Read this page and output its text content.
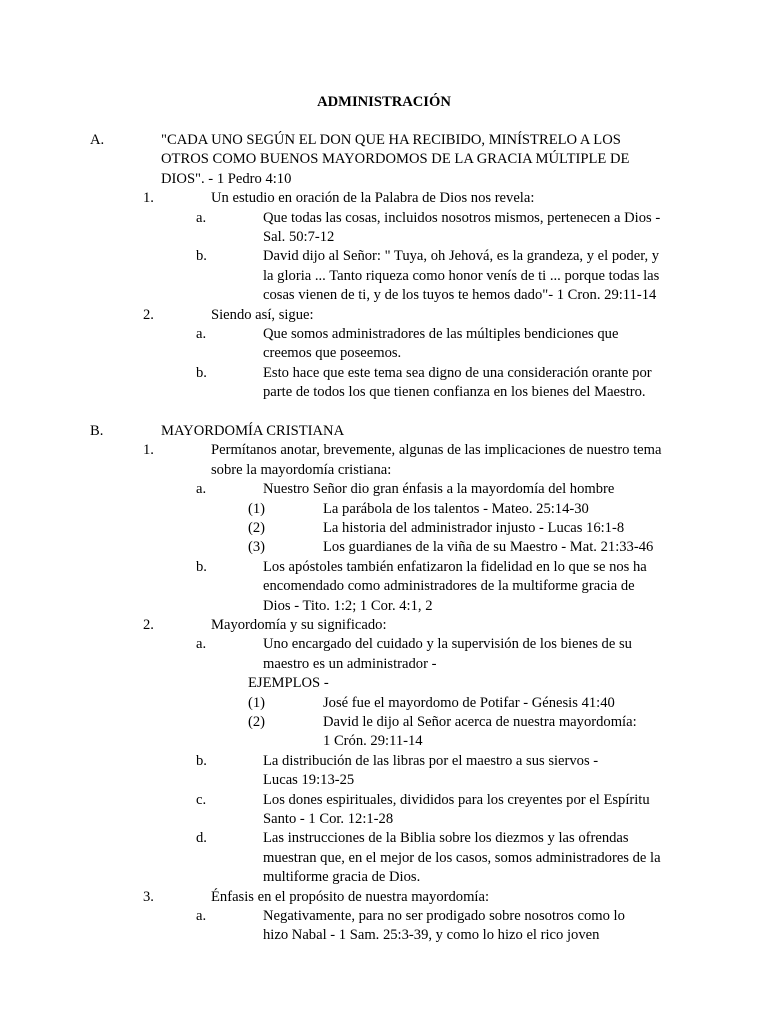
ADMINISTRACIÓN
A.	"CADA UNO SEGÚN EL DON QUE HA RECIBIDO, MINÍSTRELO A LOS
OTROS COMO BUENOS MAYORDOMOS DE LA GRACIA MÚLTIPLE DE
DIOS". - 1 Pedro 4:10
1.	Un estudio en oración de la Palabra de Dios nos revela:
a.	Que todas las cosas, incluidos nosotros mismos, pertenecen a Dios -
Sal. 50:7-12
b.	David dijo al Señor: " Tuya, oh Jehová, es la grandeza, y el poder, y
la gloria ... Tanto riqueza como honor venís de ti ... porque todas las
cosas vienen de ti, y de los tuyos te hemos dado"- 1 Cron. 29:11-14
2.	Siendo así, sigue:
a.	Que somos administradores de las múltiples bendiciones que
creemos que poseemos.
b.	Esto hace que este tema sea digno de una consideración orante por
parte de todos los que tienen confianza en los bienes del Maestro.
B.	MAYORDOMÍA CRISTIANA
1.	Permítanos anotar, brevemente, algunas de las implicaciones de nuestro tema
sobre la mayordomía cristiana:
a.	Nuestro Señor dio gran énfasis a la mayordomía del hombre
(1)	La parábola de los talentos - Mateo. 25:14-30
(2)	La historia del administrador injusto - Lucas 16:1-8
(3)	Los guardianes de la viña de su Maestro - Mat. 21:33-46
b.	Los apóstoles también enfatizaron la fidelidad en lo que se nos ha
encomendado como administradores de la multiforme gracia de
Dios - Tito. 1:2; 1 Cor. 4:1, 2
2.	Mayordomía y su significado:
a.	Uno encargado del cuidado y la supervisión de los bienes de su
maestro es un administrador -
EJEMPLOS -
(1)	José fue el mayordomo de Potifar - Génesis 41:40
(2)	David le dijo al Señor acerca de nuestra mayordomía:
1 Crón. 29:11-14
b.	La distribución de las libras por el maestro a sus siervos -
Lucas 19:13-25
c.	Los dones espirituales, divididos para los creyentes por el Espíritu
Santo - 1 Cor. 12:1-28
d.	Las instrucciones de la Biblia sobre los diezmos y las ofrendas
muestran que, en el mejor de los casos, somos administradores de la
multiforme gracia de Dios.
3.	Énfasis en el propósito de nuestra mayordomía:
a.	Negativamente, para no ser prodigado sobre nosotros como lo
hizo Nabal - 1 Sam. 25:3-39, y como lo hizo el rico joven
